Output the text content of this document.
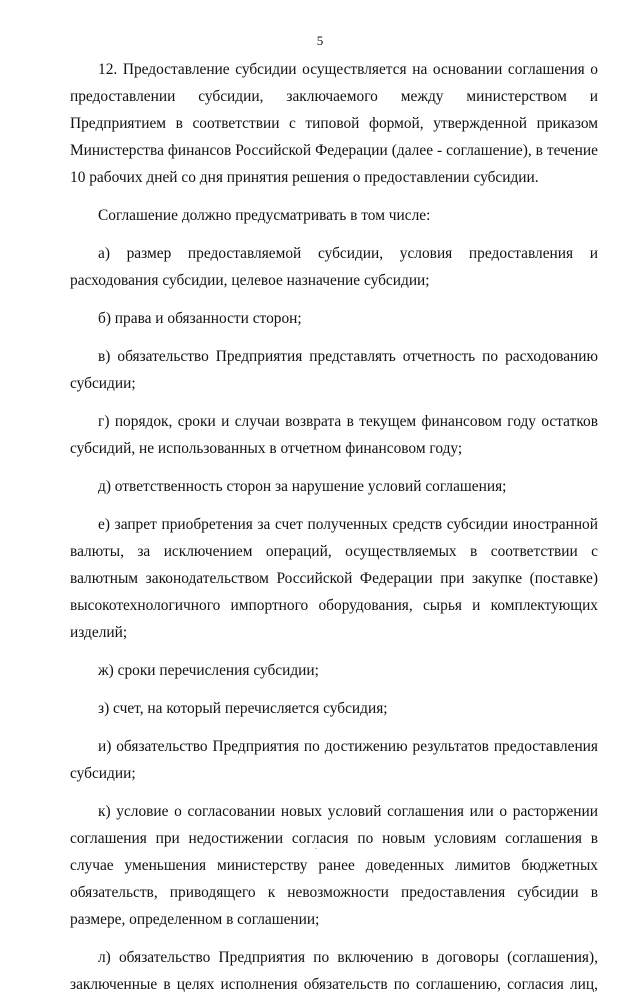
5

12. Предоставление субсидии осуществляется на основании соглашения о предоставлении субсидии, заключаемого между министерством и Предприятием в соответствии с типовой формой, утвержденной приказом Министерства финансов Российской Федерации (далее - соглашение), в течение 10 рабочих дней со дня принятия решения о предоставлении субсидии.

Соглашение должно предусматривать в том числе:

а) размер предоставляемой субсидии, условия предоставления и расходования субсидии, целевое назначение субсидии;

б) права и обязанности сторон;

в) обязательство Предприятия представлять отчетность по расходованию субсидии;

г) порядок, сроки и случаи возврата в текущем финансовом году остатков субсидий, не использованных в отчетном финансовом году;

д) ответственность сторон за нарушение условий соглашения;

е) запрет приобретения за счет полученных средств субсидии иностранной валюты, за исключением операций, осуществляемых в соответствии с валютным законодательством Российской Федерации при закупке (поставке) высокотехнологичного импортного оборудования, сырья и комплектующих изделий;

ж) сроки перечисления субсидии;

з) счет, на который перечисляется субсидия;

и) обязательство Предприятия по достижению результатов предоставления субсидии;

к) условие о согласовании новых условий соглашения или о расторжении соглашения при недостижении согласия по новым условиям соглашения в случае уменьшения министерству ранее доведенных лимитов бюджетных обязательств, приводящего к невозможности предоставления субсидии в размере, определенном в соглашении;

л) обязательство Предприятия по включению в договоры (соглашения), заключенные в целях исполнения обязательств по соглашению, согласия лиц,
